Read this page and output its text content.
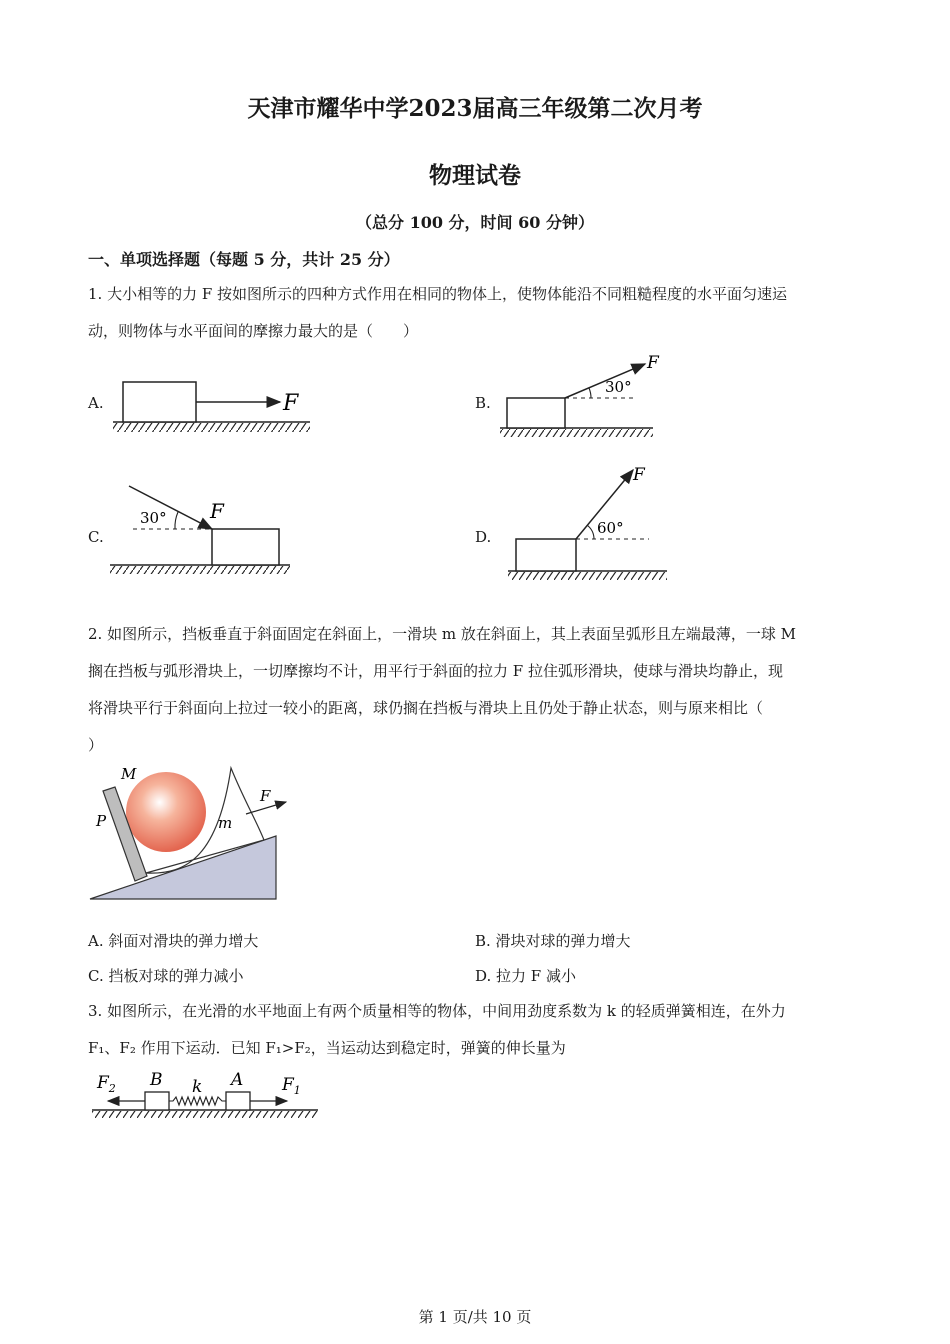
天津市耀华中学2023届高三年级第二次月考
物理试卷
（总分 100 分，时间 60 分钟）
一、单项选择题（每题 5 分，共计 25 分）
1. 大小相等的力 F 按如图所示的四种方式作用在相同的物体上，使物体能沿不同粗糙程度的水平面匀速运
动，则物体与水平面间的摩擦力最大的是（　　）
A.	B.
C.	D.
F
F
30°
F
30°
F
60°
2. 如图所示，挡板垂直于斜面固定在斜面上，一滑块 m 放在斜面上，其上表面呈弧形且左端最薄，一球 M
搁在挡板与弧形滑块上，一切摩擦均不计，用平行于斜面的拉力 F 拉住弧形滑块，使球与滑块均静止，现
将滑块平行于斜面向上拉过一较小的距离，球仍搁在挡板与滑块上且仍处于静止状态，则与原来相比（
）
M
P	m
F
A. 斜面对滑块的弹力增大	B. 滑块对球的弹力增大
C. 挡板对球的弹力减小	D. 拉力 F 减小
3. 如图所示，在光滑的水平地面上有两个质量相等的物体，中间用劲度系数为 k 的轻质弹簧相连，在外力
F₁、F₂ 作用下运动．已知 F₁>F₂，当运动达到稳定时，弹簧的伸长量为
$F_2$ B k A $F_1$
第 1 页/共 10 页
